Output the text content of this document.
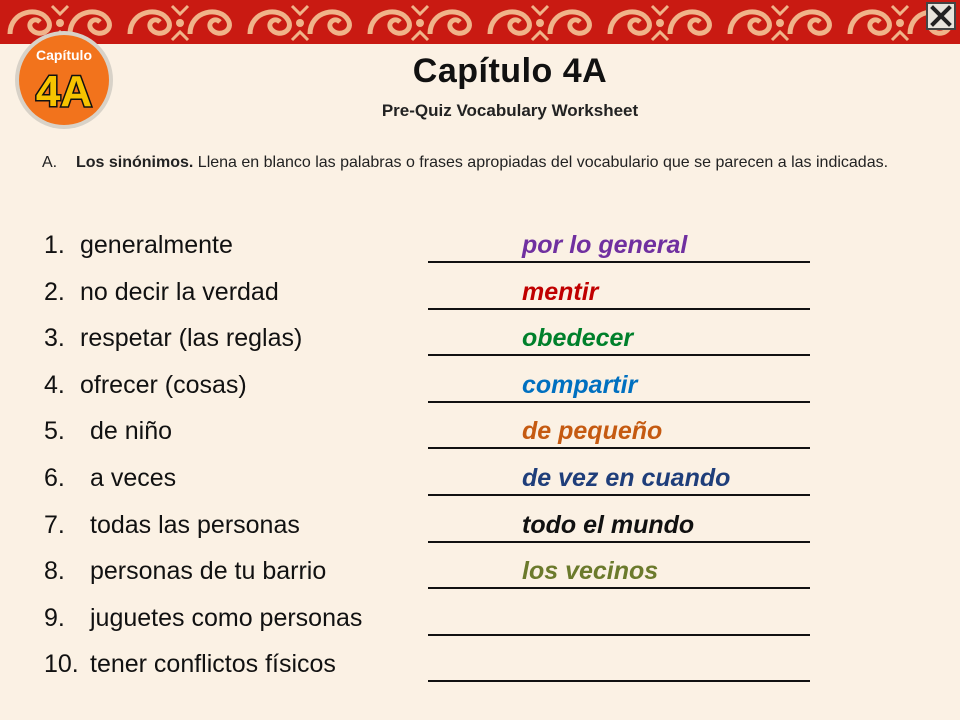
Capítulo
4A	Capítulo 4A
Pre-Quiz Vocabulary Worksheet
A. Los sinónimos. Llena en blanco las palabras o frases apropiadas del vocabulario que se parecen a las indicadas.
1. generalmente	por lo general
2. no decir la verdad	mentir
3. respetar (las reglas)	obedecer
4. ofrecer (cosas)	compartir
5. de niño	de pequeño
6. a veces	de vez en cuando
7. todas las personas	todo el mundo
8. personas de tu barrio	los vecinos
9. juguetes como personas
10. tener conflictos físicos
